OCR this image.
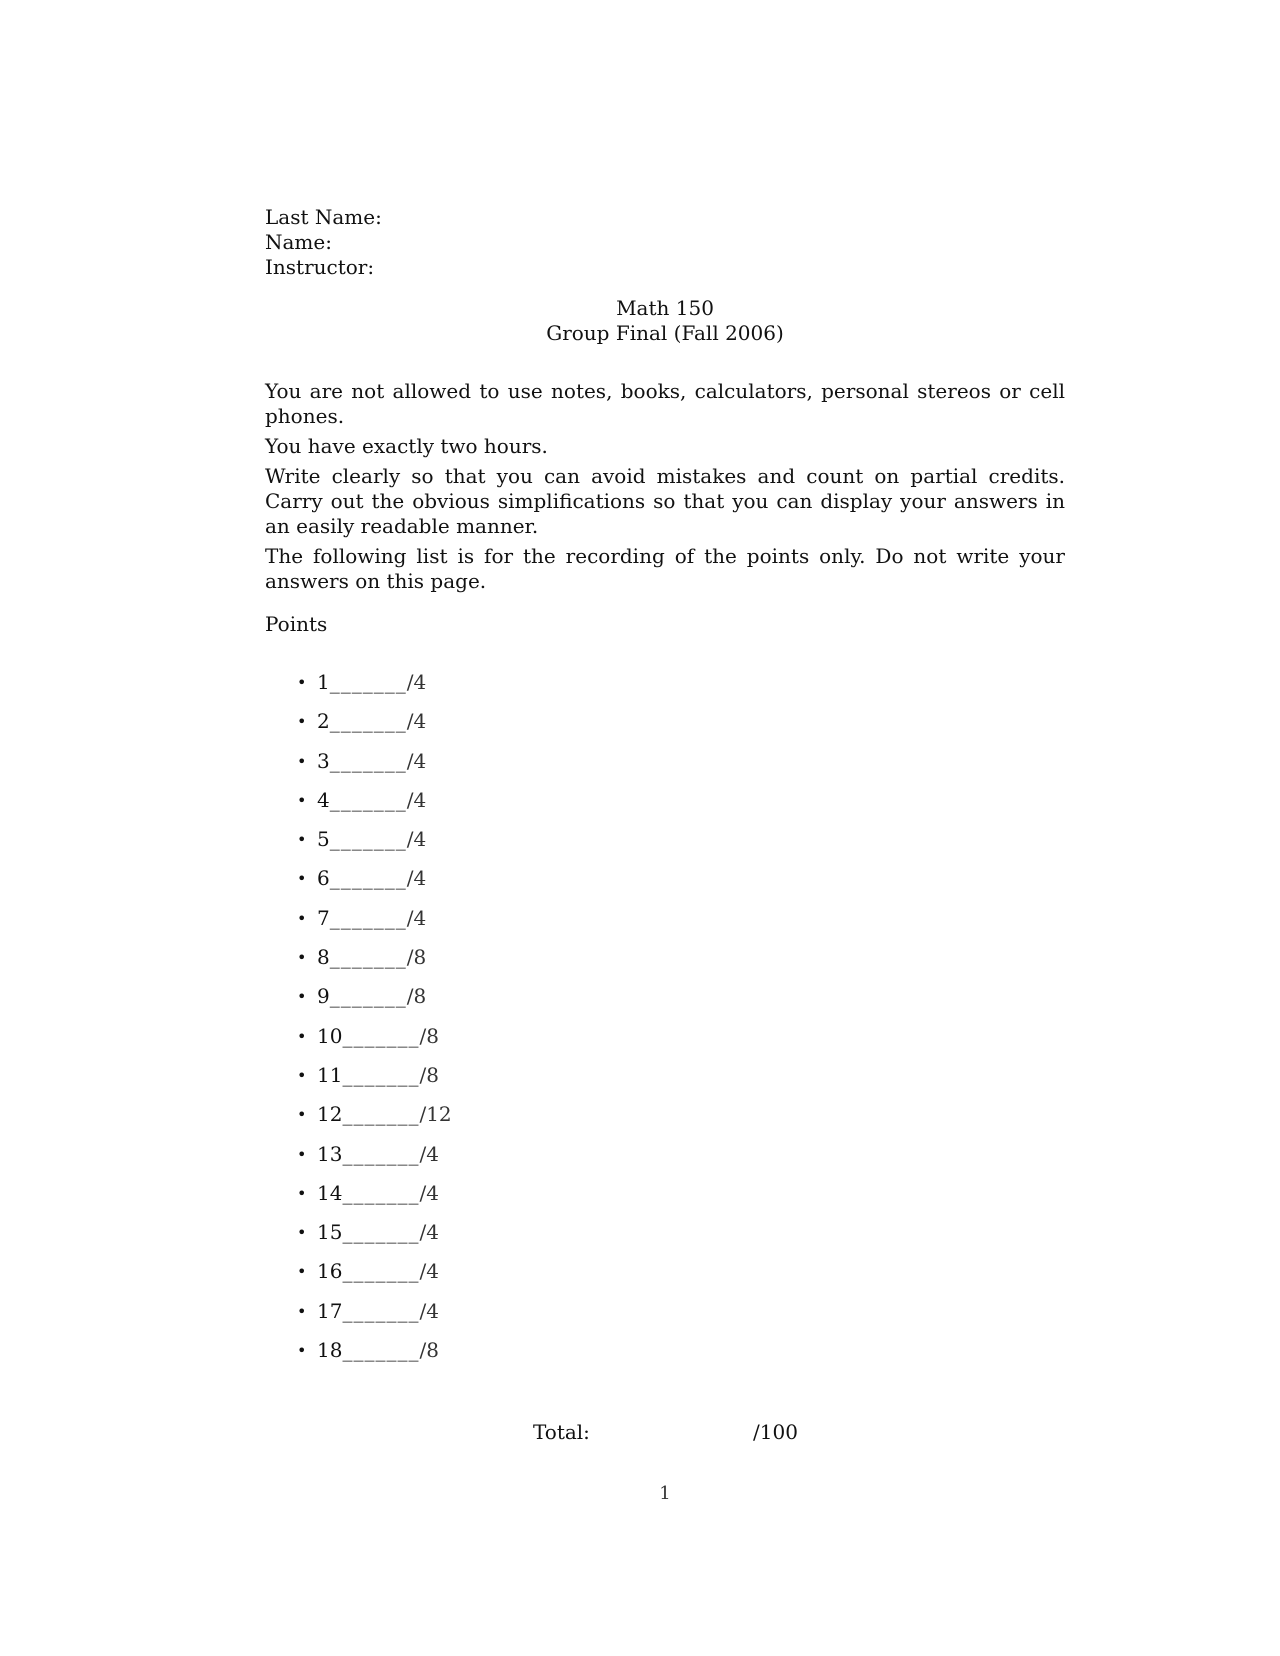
Last Name:
Name:
Instructor:
Math 150
Group Final (Fall 2006)

You are not allowed to use notes, books, calculators, personal stereos or cell phones.

You have exactly two hours.

Write clearly so that you can avoid mistakes and count on partial credits. Carry out the obvious simplifications so that you can display your answers in an easily readable manner.

The following list is for the recording of the points only. Do not write your answers on this page.

Points
• 1 _______ /4
• 2 _______ /4
• 3 _______ /4
• 4 _______ /4
• 5 _______ /4
• 6 _______ /4
• 7 _______ /4
• 8 _______ /8
• 9 _______ /8
• 10 _______ /8
• 11 _______ /8
• 12 _______ /12
• 13 _______ /4
• 14 _______ /4
• 15 _______ /4
• 16 _______ /4
• 17 _______ /4
• 18 _______ /8
Total:	/100
1
